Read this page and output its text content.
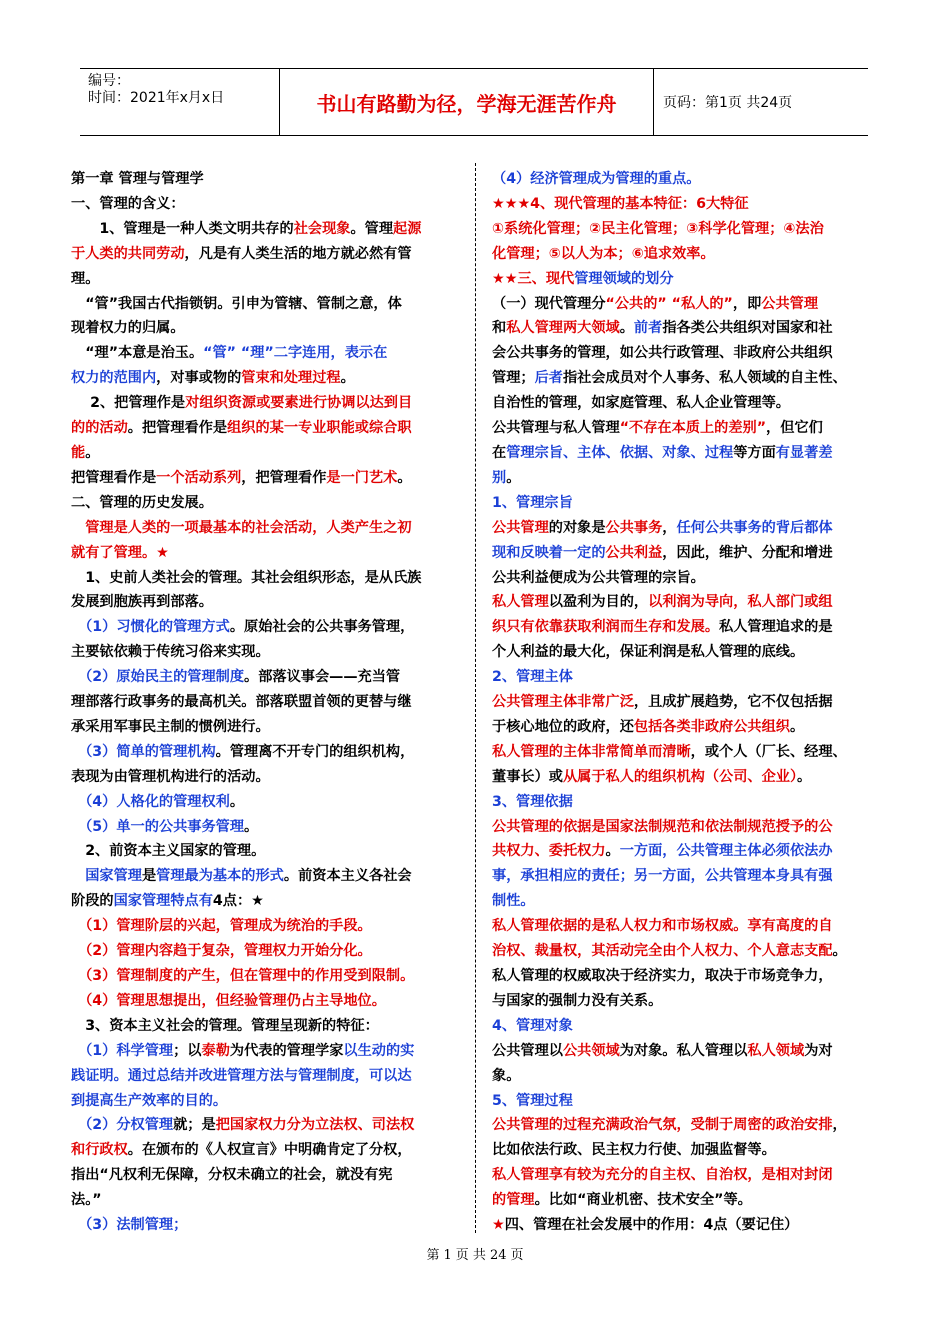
编号：
时间：2021年x月x日	书山有路勤为径，学海无涯苦作舟	页码：第1页 共24页

第一章 管理与管理学

一、管理的含义：

　　1、管理是一种人类文明共存的社会现象。管理起源

于人类的共同劳动，凡是有人类生活的地方就必然有管

理。

　“管”我国古代指锁钥。引申为管辖、管制之意，体

现着权力的归属。

　“理”本意是治玉。“管” “理”二字连用，表示在

权力的范围内，对事或物的管束和处理过程。

　 2、把管理作是对组织资源或要素进行协调以达到目

的的活动。把管理看作是组织的某一专业职能或综合职

能。

把管理看作是一个活动系列，把管理看作是一门艺术。

二、管理的历史发展。

　管理是人类的一项最基本的社会活动，人类产生之初

就有了管理。★

　1、史前人类社会的管理。其社会组织形态，是从氏族

发展到胞族再到部落。

　（1）习惯化的管理方式。原始社会的公共事务管理，

主要铱依赖于传统习俗来实现。

　（2）原始民主的管理制度。部落议事会——充当管

理部落行政事务的最高机关。部落联盟首领的更替与继

承采用军事民主制的惯例进行。

　（3）简单的管理机构。管理离不开专门的组织机构，

表现为由管理机构进行的活动。

　（4）人格化的管理权利。

　（5）单一的公共事务管理。

　2、前资本主义国家的管理。

　国家管理是管理最为基本的形式。前资本主义各社会

阶段的国家管理特点有4点：★

　（1）管理阶层的兴起，管理成为统治的手段。

　（2）管理内容趋于复杂，管理权力开始分化。

　（3）管理制度的产生，但在管理中的作用受到限制。

　（4）管理思想提出，但经验管理仍占主导地位。

　3、资本主义社会的管理。管理呈现新的特征：

　（1）科学管理；以泰勒为代表的管理学家以生动的实

践证明。通过总结并改进管理方法与管理制度，可以达

到提高生产效率的目的。

　（2）分权管理就；是把国家权力分为立法权、司法权

和行政权。在颁布的《人权宣言》中明确肯定了分权，

指出“凡权利无保障，分权未确立的社会，就没有宪

法。”

　（3）法制管理；

（4）经济管理成为管理的重点。

★★★4、现代管理的基本特征：6大特征

①系统化管理；②民主化管理；③科学化管理；④法治

化管理；⑤以人为本；⑥追求效率。

★★三、现代管理领域的划分

（一）现代管理分“公共的” “私人的”，即公共管理

和私人管理两大领域。前者指各类公共组织对国家和社

会公共事务的管理，如公共行政管理、非政府公共组织

管理；后者指社会成员对个人事务、私人领域的自主性、

自治性的管理，如家庭管理、私人企业管理等。

公共管理与私人管理“不存在本质上的差别”，但它们

在管理宗旨、主体、依据、对象、过程等方面有显著差

别。

1、管理宗旨

公共管理的对象是公共事务，任何公共事务的背后都体

现和反映着一定的公共利益，因此，维护、分配和增进

公共利益便成为公共管理的宗旨。

私人管理以盈利为目的，以利润为导向，私人部门或组

织只有依靠获取利润而生存和发展。私人管理追求的是

个人利益的最大化，保证利润是私人管理的底线。

2、管理主体

公共管理主体非常广泛，且成扩展趋势，它不仅包括据

于核心地位的政府，还包括各类非政府公共组织。

私人管理的主体非常简单而清晰，或个人（厂长、经理、

董事长）或从属于私人的组织机构（公司、企业）。

3、管理依据

公共管理的依据是国家法制规范和依法制规范授予的公

共权力、委托权力。一方面，公共管理主体必须依法办

事，承担相应的责任；另一方面，公共管理本身具有强

制性。

私人管理依据的是私人权力和市场权威。享有高度的自

治权、裁量权，其活动完全由个人权力、个人意志支配。

私人管理的权威取决于经济实力，取决于市场竞争力，

与国家的强制力没有关系。

4、管理对象

公共管理以公共领域为对象。私人管理以私人领域为对

象。

5、管理过程

公共管理的过程充满政治气氛，受制于周密的政治安排，

比如依法行政、民主权力行使、加强监督等。

私人管理享有较为充分的自主权、自治权，是相对封闭

的管理。比如“商业机密、技术安全”等。

★四、管理在社会发展中的作用：4点（要记住）

第 1 页 共 24 页
